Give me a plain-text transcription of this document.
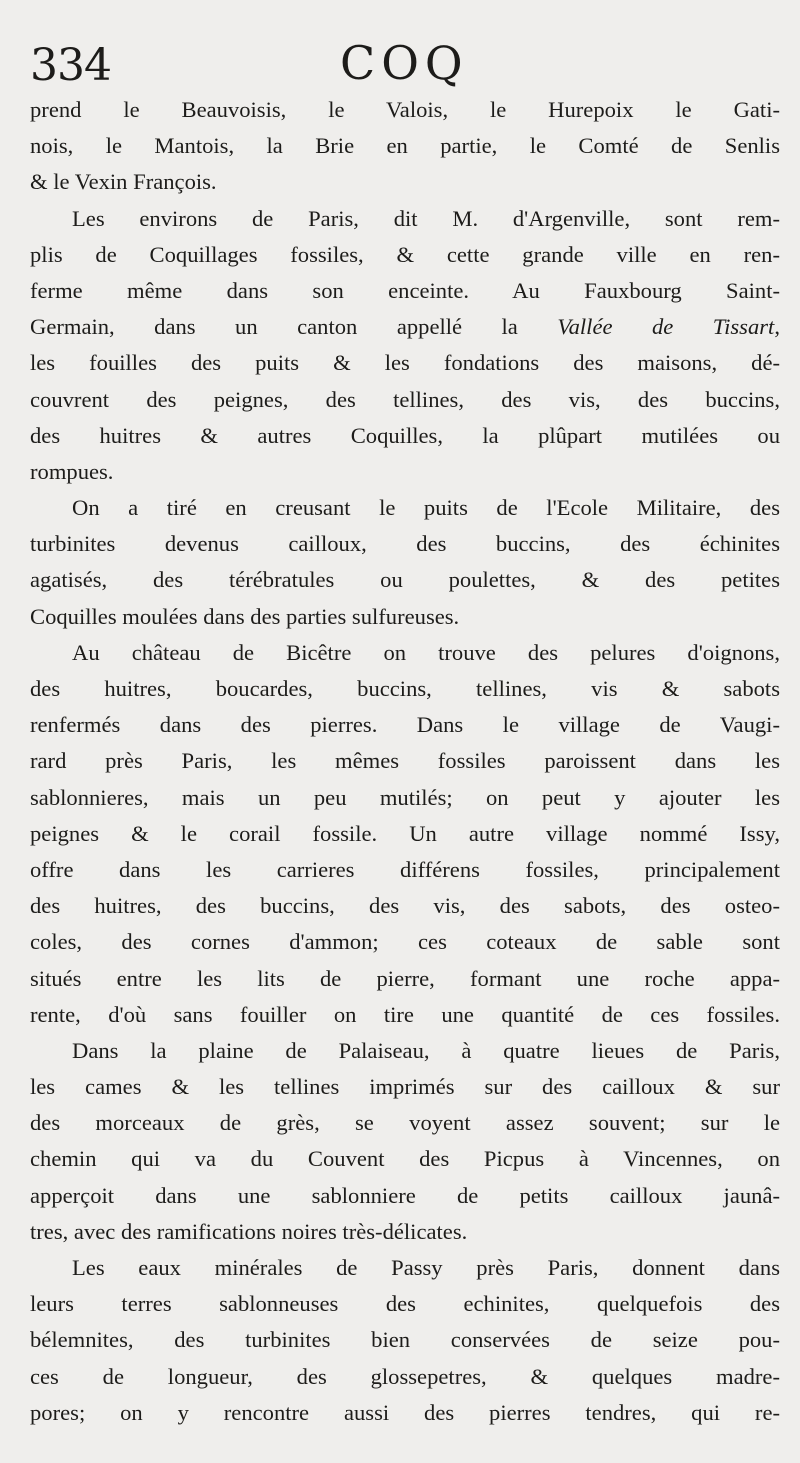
334	COQ
prend le Beauvoisis, le Valois, le Hurepoix le Gati-
nois, le Mantois, la Brie en partie, le Comté de Senlis
& le Vexin François.
Les environs de Paris, dit M. d'Argenville, sont rem-
plis de Coquillages fossiles, & cette grande ville en ren-
ferme même dans son enceinte. Au Fauxbourg Saint-
Germain, dans un canton appellé la Vallée de Tissart,
les fouilles des puits & les fondations des maisons, dé-
couvrent des peignes, des tellines, des vis, des buccins,
des huitres & autres Coquilles, la plûpart mutilées ou
rompues.
On a tiré en creusant le puits de l'Ecole Militaire, des
turbinites devenus cailloux, des buccins, des échinites
agatisés, des térébratules ou poulettes, & des petites
Coquilles moulées dans des parties sulfureuses.
Au château de Bicêtre on trouve des pelures d'oignons,
des huitres, boucardes, buccins, tellines, vis & sabots
renfermés dans des pierres. Dans le village de Vaugi-
rard près Paris, les mêmes fossiles paroissent dans les
sablonnieres, mais un peu mutilés; on peut y ajouter les
peignes & le corail fossile. Un autre village nommé Issy,
offre dans les carrieres différens fossiles, principalement
des huitres, des buccins, des vis, des sabots, des osteo-
coles, des cornes d'ammon; ces coteaux de sable sont
situés entre les lits de pierre, formant une roche appa-
rente, d'où sans fouiller on tire une quantité de ces fossiles.
Dans la plaine de Palaiseau, à quatre lieues de Paris,
les cames & les tellines imprimés sur des cailloux & sur
des morceaux de grès, se voyent assez souvent; sur le
chemin qui va du Couvent des Picpus à Vincennes, on
apperçoit dans une sablonniere de petits cailloux jaunâ-
tres, avec des ramifications noires très-délicates.
Les eaux minérales de Passy près Paris, donnent dans
leurs terres sablonneuses des echinites, quelquefois des
bélemnites, des turbinites bien conservées de seize pou-
ces de longueur, des glossepetres, & quelques madre-
pores; on y rencontre aussi des pierres tendres, qui re-
